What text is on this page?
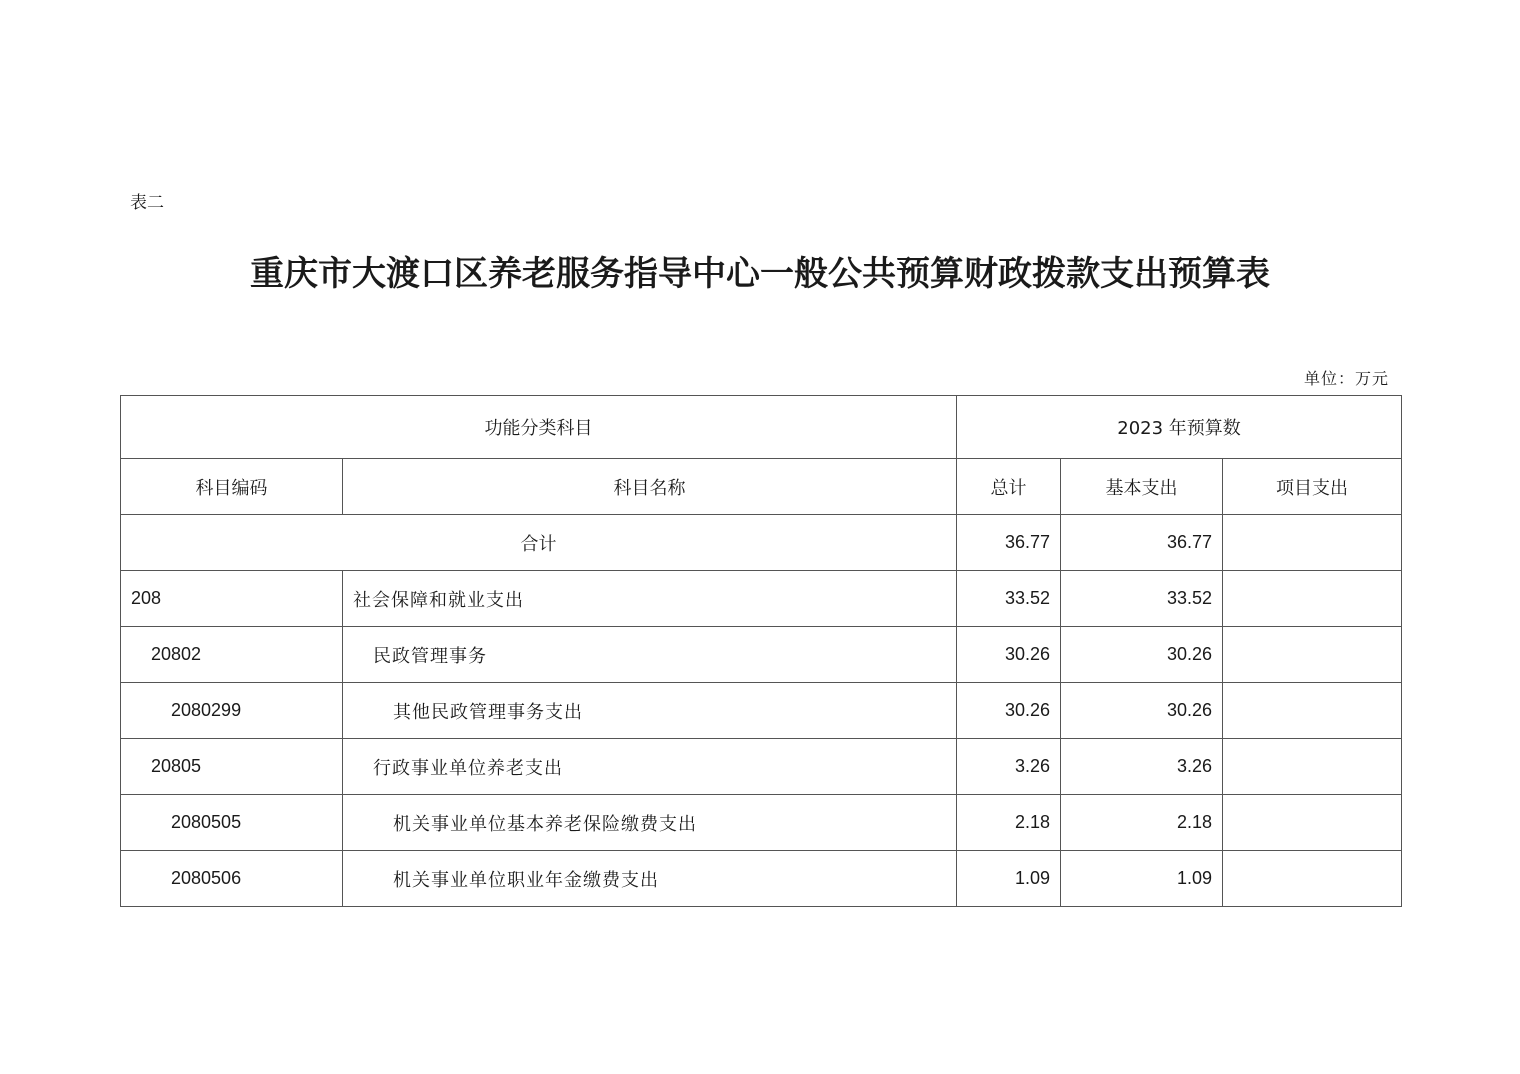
表二
重庆市大渡口区养老服务指导中心一般公共预算财政拨款支出预算表
单位：万元
功能分类科目		2023 年预算数		
科目编码	科目名称	总计	基本支出	项目支出
合计		36.77	36.77	
208	社会保障和就业支出	33.52	33.52	
20802	民政管理事务	30.26	30.26	
2080299	其他民政管理事务支出	30.26	30.26	
20805	行政事业单位养老支出	3.26	3.26	
2080505	机关事业单位基本养老保险缴费支出	2.18	2.18	
2080506	机关事业单位职业年金缴费支出	1.09	1.09	
